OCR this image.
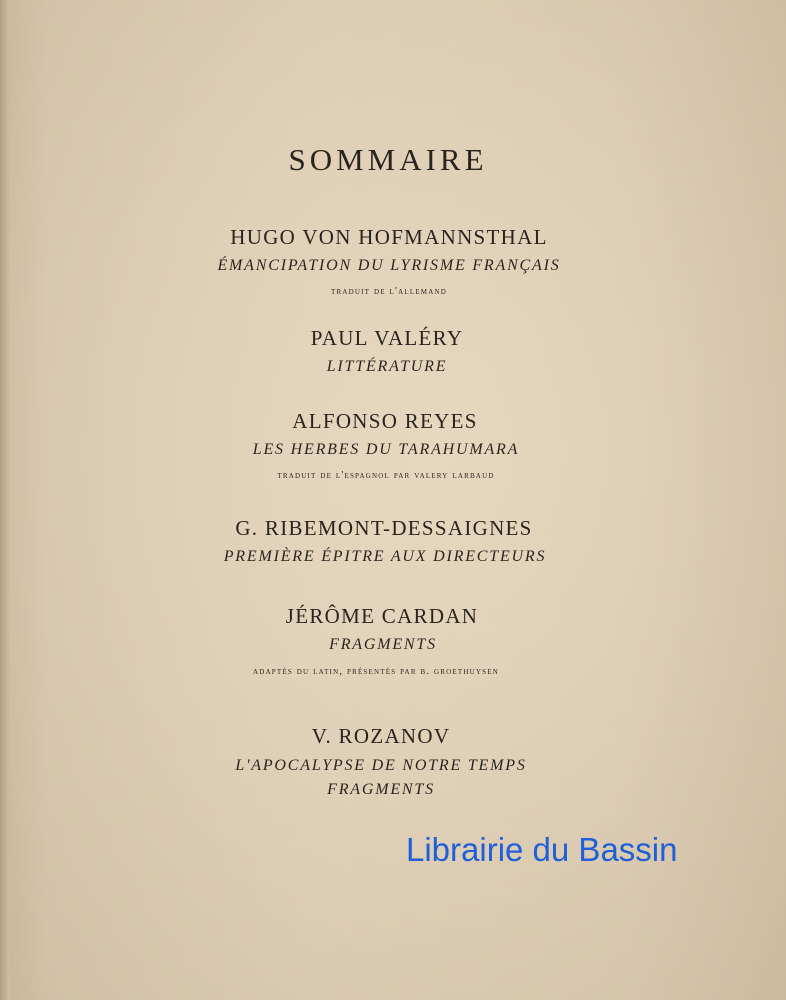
SOMMAIRE
HUGO VON HOFMANNSTHAL
ÉMANCIPATION DU LYRISME FRANÇAIS
traduit de l'allemand
PAUL VALÉRY
LITTÉRATURE
ALFONSO REYES
LES HERBES DU TARAHUMARA
traduit de l'espagnol par valery larbaud
G. RIBEMONT-DESSAIGNES
PREMIÈRE ÉPITRE AUX DIRECTEURS
JÉRÔME CARDAN
FRAGMENTS
adaptés du latin, présentés par b. groethuysen
V. ROZANOV
L'APOCALYPSE DE NOTRE TEMPS
FRAGMENTS
Librairie du Bassin
